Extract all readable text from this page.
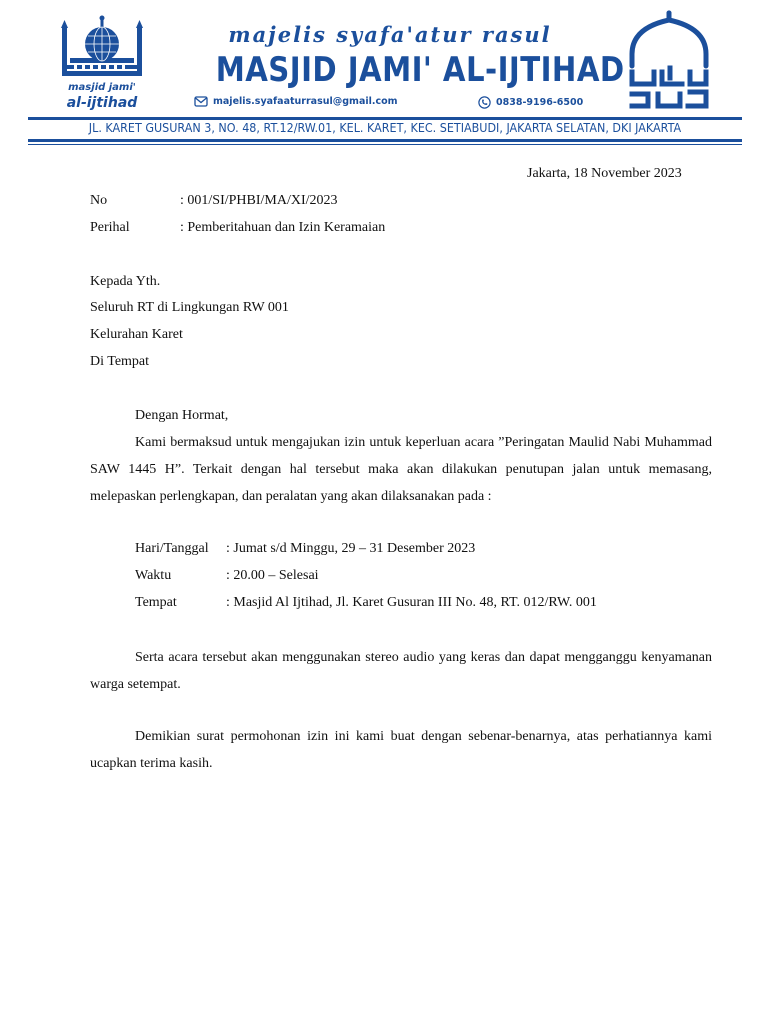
masjid jami'
al-ijtihad
majelis syafa'atur rasul
MASJID JAMI' AL-IJTIHAD
majelis.syafaaturrasul@gmail.com	0838-9196-6500
JL. KARET GUSURAN 3, NO. 48, RT.12/RW.01, KEL. KARET, KEC. SETIABUDI, JAKARTA SELATAN, DKI JAKARTA
Jakarta, 18 November 2023
No	: 001/SI/PHBI/MA/XI/2023
Perihal	: Pemberitahuan dan Izin Keramaian
Kepada Yth.
Seluruh RT di Lingkungan RW 001
Kelurahan Karet
Di Tempat
Dengan Hormat,
Kami bermaksud untuk mengajukan izin untuk keperluan acara ”Peringatan Maulid Nabi Muhammad SAW 1445 H”. Terkait dengan hal tersebut maka akan dilakukan penutupan jalan untuk memasang, melepaskan perlengkapan, dan peralatan yang akan dilaksanakan pada :
Hari/Tanggal : Jumat s/d Minggu, 29 – 31 Desember 2023
Waktu	: 20.00 – Selesai
Tempat	: Masjid Al Ijtihad, Jl. Karet Gusuran III No. 48, RT. 012/RW. 001
Serta acara tersebut akan menggunakan stereo audio yang keras dan dapat mengganggu kenyamanan warga setempat.
Demikian surat permohonan izin ini kami buat dengan sebenar-benarnya, atas perhatiannya kami ucapkan terima kasih.
